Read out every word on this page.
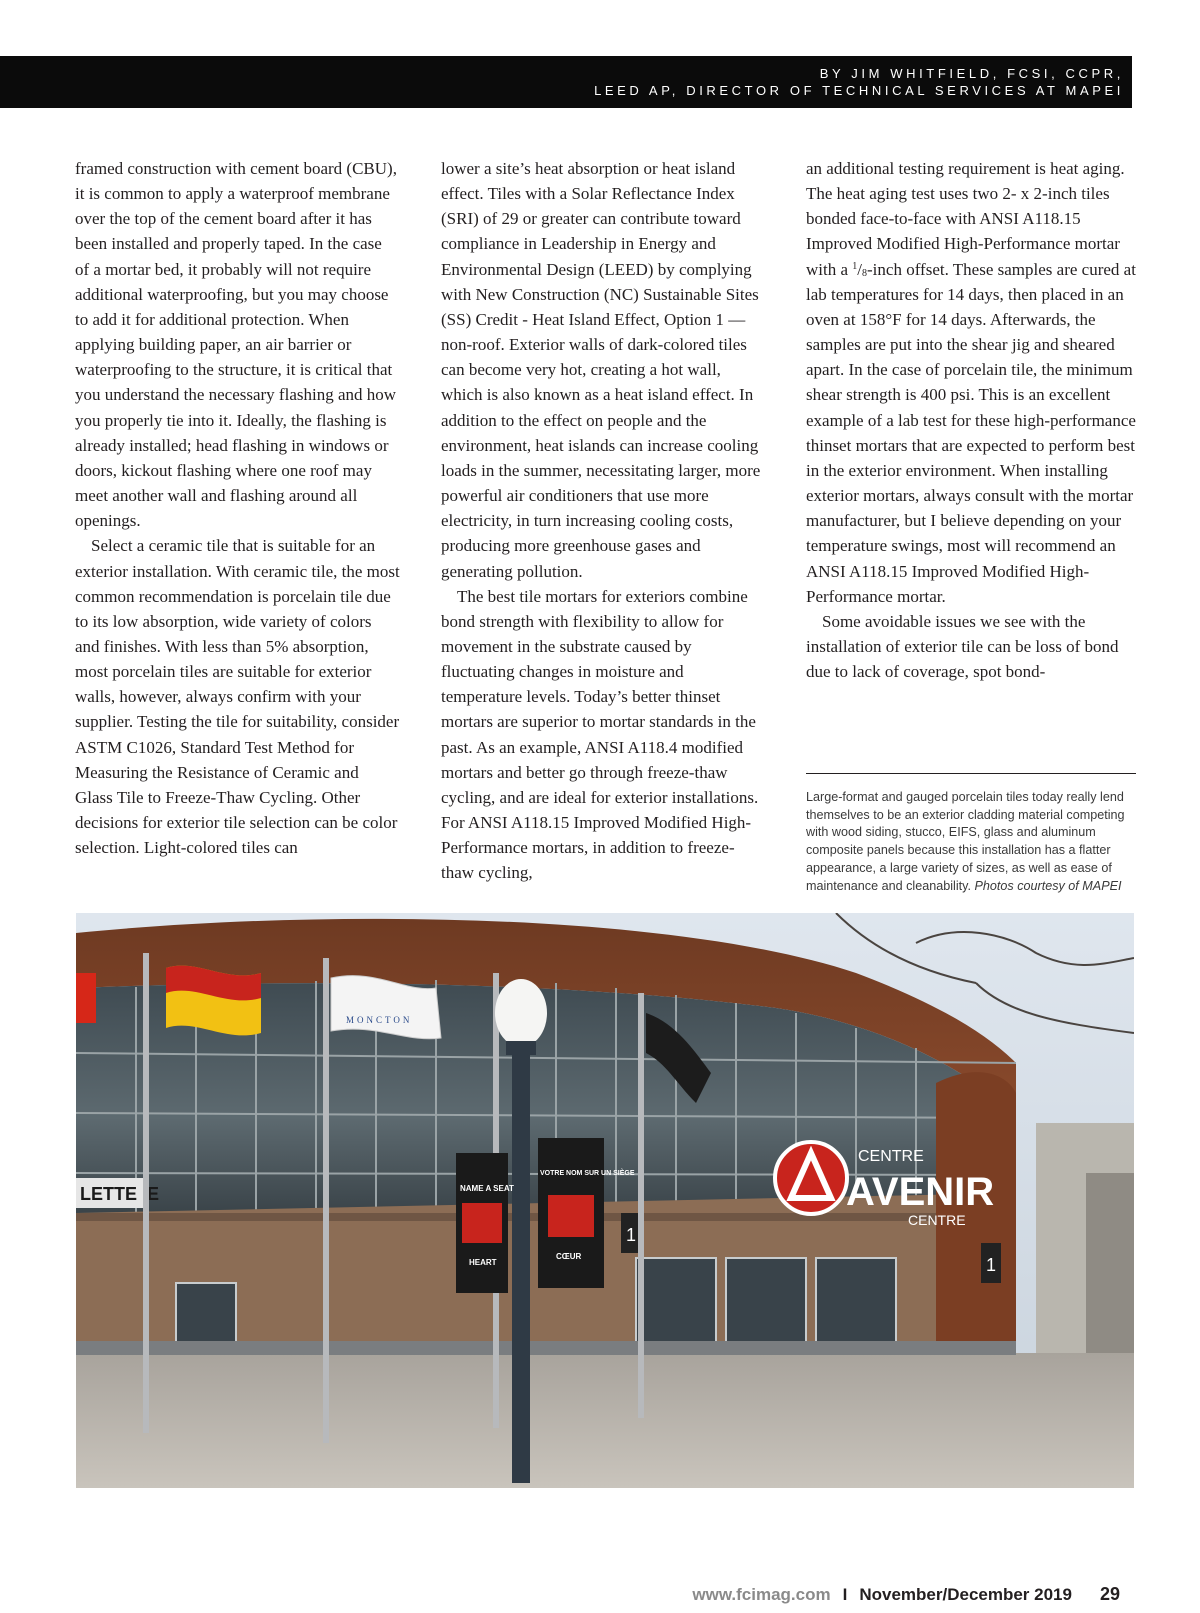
BY JIM WHITFIELD, FCSI, CCPR,
LEED AP, DIRECTOR OF TECHNICAL SERVICES AT MAPEI

framed construction with cement board (CBU), it is common to apply a waterproof membrane over the top of the cement board after it has been installed and properly taped. In the case of a mortar bed, it probably will not require additional waterproofing, but you may choose to add it for additional protection. When applying building paper, an air barrier or waterproofing to the structure, it is critical that you understand the necessary flashing and how you properly tie into it. Ideally, the flashing is already installed; head flashing in windows or doors, kickout flashing where one roof may meet another wall and flashing around all openings.

Select a ceramic tile that is suitable for an exterior installation. With ceramic tile, the most common recommendation is porcelain tile due to its low absorption, wide variety of colors and finishes. With less than 5% absorption, most porcelain tiles are suitable for exterior walls, however, always confirm with your supplier. Testing the tile for suitability, consider ASTM C1026, Standard Test Method for Measuring the Resistance of Ceramic and Glass Tile to Freeze-Thaw Cycling. Other decisions for exterior tile selection can be color selection. Light-colored tiles can

lower a site’s heat absorption or heat island effect. Tiles with a Solar Reflectance Index (SRI) of 29 or greater can contribute toward compliance in Leadership in Energy and Environmental Design (LEED) by complying with New Construction (NC) Sustainable Sites (SS) Credit - Heat Island Effect, Option 1 — non-roof. Exterior walls of dark-colored tiles can become very hot, creating a hot wall, which is also known as a heat island effect. In addition to the effect on people and the environment, heat islands can increase cooling loads in the summer, necessitating larger, more powerful air conditioners that use more electricity, in turn increasing cooling costs, producing more greenhouse gases and generating pollution.

The best tile mortars for exteriors combine bond strength with flexibility to allow for movement in the substrate caused by fluctuating changes in moisture and temperature levels. Today’s better thinset mortars are superior to mortar standards in the past. As an example, ANSI A118.4 modified mortars and better go through freeze-thaw cycling, and are ideal for exterior installations. For ANSI A118.15 Improved Modified High-Performance mortars, in addition to freeze-thaw cycling,

an additional testing requirement is heat aging. The heat aging test uses two 2- x 2-inch tiles bonded face-to-face with ANSI A118.15 Improved Modified High-Performance mortar with a $^1/_8$-inch offset. These samples are cured at lab temperatures for 14 days, then placed in an oven at 158°F for 14 days. Afterwards, the samples are put into the shear jig and sheared apart. In the case of porcelain tile, the minimum shear strength is 400 psi. This is an excellent example of a lab test for these high-performance thinset mortars that are expected to perform best in the exterior environment. When installing exterior mortars, always consult with the mortar manufacturer, but I believe depending on your temperature swings, most will recommend an ANSI A118.15 Improved Modified High-Performance mortar.

Some avoidable issues we see with the installation of exterior tile can be loss of bond due to lack of coverage, spot bond-

Large-format and gauged porcelain tiles today really lend themselves to be an exterior cladding material competing with wood siding, stucco, EIFS, glass and aluminum composite panels because this installation has a flatter appearance, a large variety of sizes, as well as ease of maintenance and cleanability. Photos courtesy of MAPEI
LETTE IE
CENTRE
AVENIR
CENTRE
1
1
MONCTON
NAME A SEAT
HEART
VOTRE NOM SUR UN SIÈGE
CŒUR
www.fcimag.com I November/December 2019 29
